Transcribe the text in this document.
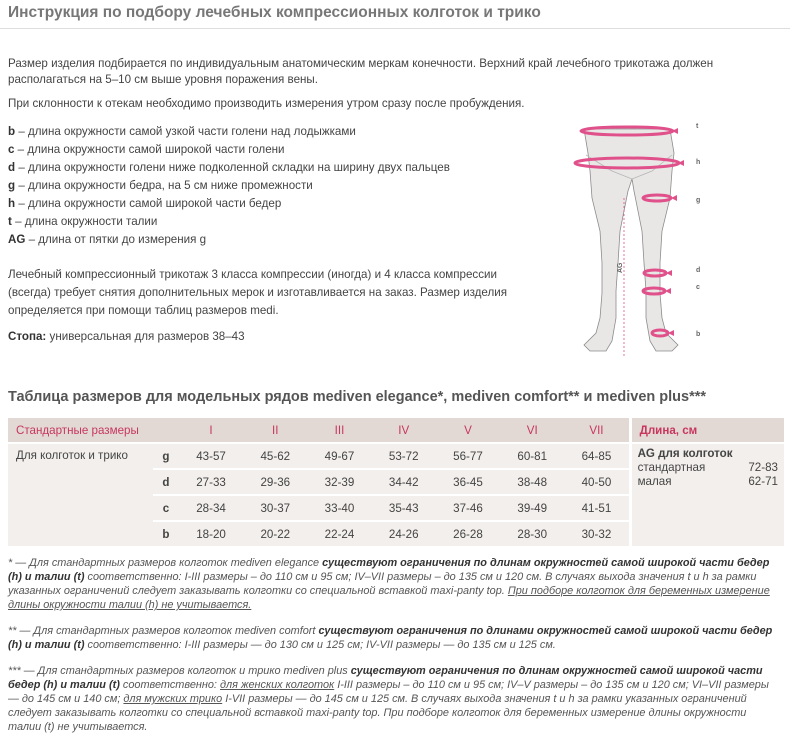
Инструкция по подбору лечебных компрессионных колготок и трико
Размер изделия подбирается по индивидуальным анатомическим меркам конечности. Верхний край лечебного трикотажа должен располагаться на 5–10 см выше уровня поражения вены.
При склонности к отекам необходимо производить измерения утром сразу после пробуждения.
b – длина окружности самой узкой части голени над лодыжками
c – длина окружности самой широкой части голени
d – длина окружности голени ниже подколенной складки на ширину двух пальцев
g – длина окружности бедра, на 5 см ниже промежности
h – длина окружности самой широкой части бедер
t – длина окружности талии
AG – длина от пятки до измерения g
Лечебный компрессионный трикотаж 3 класса компрессии (иногда) и 4 класса компрессии (всегда) требует снятия дополнительных мерок и изготавливается на заказ. Размер изделия определяется при помощи таблиц размеров medi.
Стопа: универсальная для размеров 38–43
t
h
g
d
c
b
AG
Таблица размеров для модельных рядов mediven elegance*, mediven comfort** и mediven plus***
Стандартные размеры		I	II	III	IV	V	VI	VII	Длина, см
Для колготок и трико	g	43-57	45-62	49-67	53-72	56-77	60-81	64-85	AG для колготок
стандартная 72-83
малая 62-71

	d	27-33	29-36	32-39	34-42	36-45	38-48	40-50	
	c	28-34	30-37	33-40	35-43	37-46	39-49	41-51	
	b	18-20	20-22	22-24	24-26	26-28	28-30	30-32	
* — Для стандартных размеров колготок mediven elegance существуют ограничения по длинам окружностей самой широкой части бедер (h) и талии (t) соответственно: I-III размеры – до 110 см и 95 см; IV–VII размеры – до 135 см и 120 см. В случаях выхода значения t и h за рамки указанных ограничений следует заказывать колготки со специальной вставкой maxi-panty top. При подборе колготок для беременных измерение длины окружности талии (h) не учитывается.
** — Для стандартных размеров колготок mediven comfort существуют ограничения по длинами окружностей самой широкой части бедер (h) и талии (t) соответственно: I-III размеры — до 130 см и 125 см; IV-VII размеры — до 135 см и 125 см.
*** — Для стандартных размеров колготок и трико mediven plus существуют ограничения по длинам окружностей самой широкой части бедер (h) и талии (t) соответственно: для женских колготок I-III размеры – до 110 см и 95 см; IV–V размеры – до 135 см и 120 см; VI–VII размеры — до 145 см и 140 см; для мужских трико I-VII размеры — до 145 см и 125 см. В случаях выхода значения t и h за рамки указанных ограничений следует заказывать колготки со специальной вставкой maxi-panty top. При подборе колготок для беременных измерение длины окружности талии (t) не учитывается.
